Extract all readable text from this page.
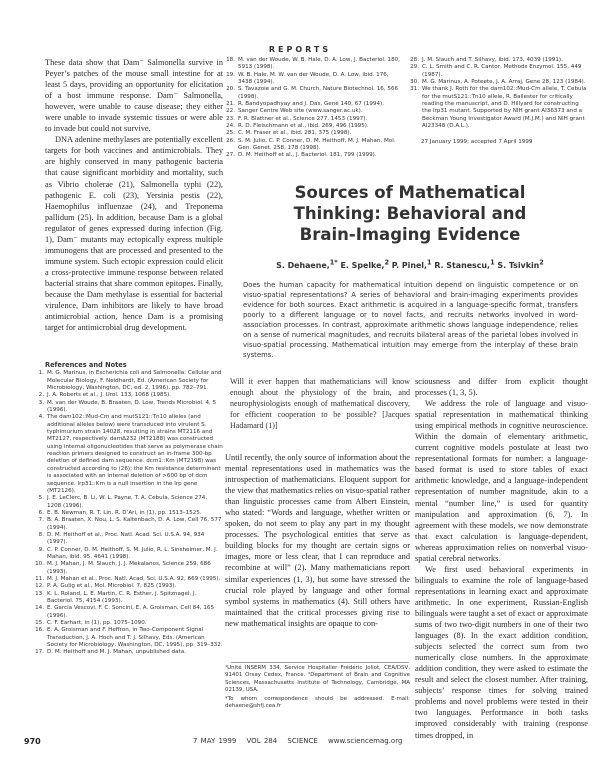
REPORTS

These data show that Dam⁻ Salmonella survive in Peyer’s patches of the mouse small intestine for at least 5 days, providing an opportunity for elicitation of a host immune response. Dam⁻ Salmonella, however, were unable to cause disease; they either were unable to invade systemic tissues or were able to invade but could not survive.

DNA adenine methylases are potentially excellent targets for both vaccines and antimicrobials. They are highly conserved in many pathogenic bacteria that cause significant morbidity and mortality, such as Vibrio cholerae (21), Salmonella typhi (22), pathogenic E. coli (23), Yersinia pestis (22), Haemophilus influenzae (24), and Treponema pallidum (25). In addition, because Dam is a global regulator of genes expressed during infection (Fig. 1), Dam⁻ mutants may ectopically express multiple immunogens that are processed and presented to the immune system. Such ectopic expression could elicit a cross-protective immune response between related bacterial strains that share common epitopes. Finally, because the Dam methylase is essential for bacterial virulence, Dam inhibitors are likely to have broad antimicrobial action, hence Dam is a promising target for antimicrobial drug development.

References and Notes
1. M. G. Marinus, in Escherichia coli and Salmonella: Cellular and Molecular Biology, F. Neidhardt, Ed. (American Society for Microbiology, Washington, DC, ed. 2, 1996), pp. 782–791.
2. J. A. Roberts et al., J. Urol. 133, 1068 (1985).
3. M. van der Woude, B. Braaten, D. Low, Trends Microbiol. 4, 5 (1996).
4. The dam102::Mud-Cm and mutS121::Tn10 alleles (and additional alleles below) were transduced into virulent S. typhimurium strain 14028, resulting in strains MT2116 and MT2127, respectively. damΔ232 (MT2188) was constructed using internal oligonucleotides that serve as polymerase chain reaction primers designed to construct an in-frame 300-bp deletion of defined dam sequence. dcm1::Km (MT2198) was constructed according to (26); the Km resistance determinant is associated with an internal deletion of >600 bp of dcm sequence. lrp31::Km is a null insertion in the lrp gene (MT2126).
5. J. E. LeClerc, B. Li, W. L. Payne, T. A. Cebula, Science 274, 1208 (1996).
6. E. B. Newman, R. T. Lin, R. D’Ari, in (1), pp. 1513–1525.
7. B. A. Braaten, X. Nou, L. S. Kaltenbach, D. A. Low, Cell 76, 577 (1994).
8. D. M. Heithoff et al., Proc. Natl. Acad. Sci. U.S.A. 94, 934 (1997).
9. C. P. Conner, D. M. Heithoff, S. M. Julio, R. L. Sinsheimer, M. J. Mahan, ibid. 95, 4641 (1998).
10. M. J. Mahan, J. M. Slauch, J. J. Mekalanos, Science 259, 686 (1993).
11. M. J. Mahan et al., Proc. Natl. Acad. Sci. U.S.A. 92, 669 (1995).
12. P. A. Gulig et al., Mol. Microbiol. 7, 825 (1993).
13. K. L. Roland, L. E. Martin, C. R. Esther, J. Spitznagel, J. Bacteriol. 75, 4154 (1993).
14. E. Garcia Vescovi, F. C. Soncini, E. A. Groisman, Cell 84, 165 (1996).
15. C. F. Earhart, in (1), pp. 1075–1090.
16. E. A. Groisman and F. Heffron, in Two-Component Signal Transduction, J. A. Hoch and T. J. Silhavy, Eds. (American Society for Microbiology, Washington, DC, 1995), pp. 319–332.
17. D. M. Heithoff and M. J. Mahan, unpublished data.
18. M. van der Woude, W. B. Hale, D. A. Low, J. Bacteriol. 180, 5913 (1998).
19. W. B. Hale, M. W. van der Woude, D. A. Low, ibid. 176, 3438 (1994).
20. S. Tavazoie and G. M. Church, Nature Biotechnol. 16, 566 (1998).
21. R. Bandyopadhyay and J. Das, Gene 140, 67 (1994).
22. Sanger Centre Web site (www.sanger.ac.uk).
23. F. R. Blattner et al., Science 277, 1453 (1997).
24. R. D. Fleischmann et al., ibid. 269, 496 (1995).
25. C. M. Fraser et al., ibid. 281, 375 (1998).
26. S. M. Julio, C. P. Conner, D. M. Heithoff, M. J. Mahan, Mol. Gen. Genet. 258, 178 (1998).
27. D. M. Heithoff et al., J. Bacteriol. 181, 799 (1999).
28. J. M. Slauch and T. Silhavy, ibid. 173, 4039 (1991).
29. C. L. Smith and C. R. Cantor, Methods Enzymol. 155, 449 (1987).
30. M. G. Marinus, A. Poteete, J. A. Arraj, Gene 28, 123 (1984).
31. We thank J. Roth for the dam102::Mud-Cm allele, T. Cebula for the mutS121::Tn10 allele, R. Ballester for critically reading the manuscript, and D. Hillyard for constructing the lrp31 mutant. Supported by NIH grant AI36373 and a Beckman Young Investigator Award (M.J.M.) and NIH grant AI23348 (D.A.L.).
27 January 1999; accepted 7 April 1999
Sources of Mathematical
Thinking: Behavioral and
Brain-Imaging Evidence
S. Dehaene,$^{1*}$ E. Spelke,$^2$ P. Pinel,$^1$ R. Stanescu,$^1$ S. Tsivkin$^2$
Does the human capacity for mathematical intuition depend on linguistic competence or on visuo-spatial representations? A series of behavioral and brain-imaging experiments provides evidence for both sources. Exact arithmetic is acquired in a language-specific format, transfers poorly to a different language or to novel facts, and recruits networks involved in word-association processes. In contrast, approximate arithmetic shows language independence, relies on a sense of numerical magnitudes, and recruits bilateral areas of the parietal lobes involved in visuo-spatial processing. Mathematical intuition may emerge from the interplay of these brain systems.
Will it ever happen that mathematicians will know enough about the physiology of the brain, and neurophysiologists enough of mathematical discovery, for efficient cooperation to be possible? [Jacques Hadamard (1)]

Until recently, the only source of information about the mental representations used in mathematics was the introspection of mathematicians. Eloquent support for the view that mathematics relies on visuo-spatial rather than linguistic processes came from Albert Einstein, who stated: “Words and language, whether written or spoken, do not seem to play any part in my thought processes. The psychological entities that serve as building blocks for my thought are certain signs or images, more or less clear, that I can reproduce and recombine at will” (2). Many mathematicians report similar experiences (1, 3), but some have stressed the crucial role played by language and other formal symbol systems in mathematics (4). Still others have maintained that the critical processes giving rise to new mathematical insights are opaque to con-

¹Unité INSERM 334, Service Hospitalier Frédéric Joliot, CEA/DSV, 91401 Orsay Cedex, France. ²Department of Brain and Cognitive Sciences, Massachusetts Institute of Technology, Cambridge, MA 02139, USA.

*To whom correspondence should be addressed. E-mail: dehaene@shfj.cea.fr

sciousness and differ from explicit thought processes (1, 3, 5).

We address the role of language and visuo-spatial representation in mathematical thinking using empirical methods in cognitive neuroscience. Within the domain of elementary arithmetic, current cognitive models postulate at least two representational formats for number: a language-based format is used to store tables of exact arithmetic knowledge, and a language-independent representation of number magnitude, akin to a mental “number line,” is used for quantity manipulation and approximation (6, 7). In agreement with these models, we now demonstrate that exact calculation is language-dependent, whereas approximation relies on nonverbal visuo-spatial cerebral networks.

We first used behavioral experiments in bilinguals to examine the role of language-based representations in learning exact and approximate arithmetic. In one experiment, Russian-English bilinguals were taught a set of exact or approximate sums of two two-digit numbers in one of their two languages (8). In the exact addition condition, subjects selected the correct sum from two numerically close numbers. In the approximate addition condition, they were asked to estimate the result and select the closest number. After training, subjects’ response times for solving trained problems and novel problems were tested in their two languages. Performance in both tasks improved considerably with training (response times dropped, in

970	7 MAY 1999 VOL 284 SCIENCE www.sciencemag.org
